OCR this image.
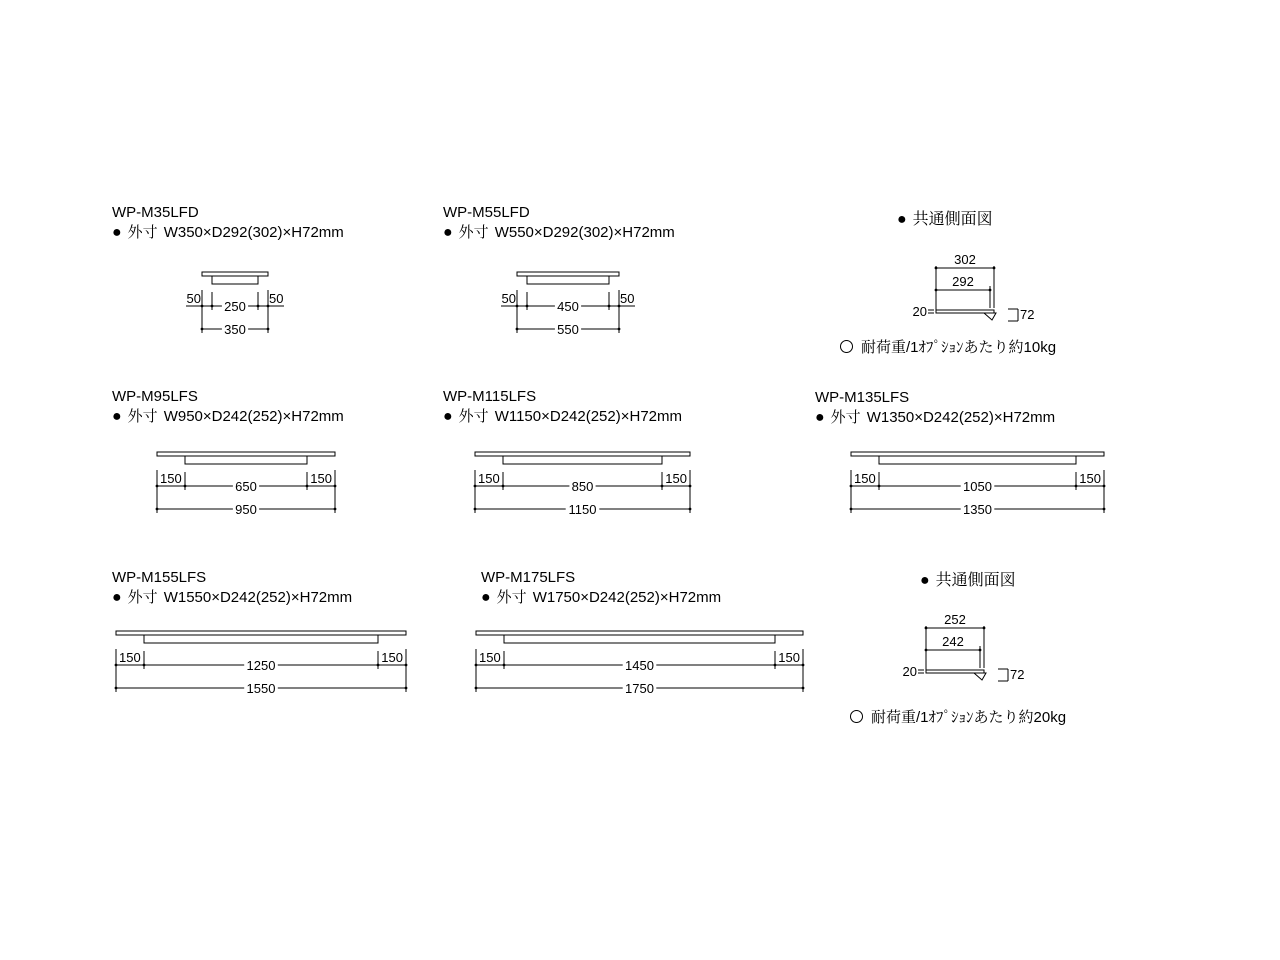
WP-M35LFD
● 外寸 W350×D292(302)×H72mm
50	50
250
350
WP-M55LFD
● 外寸 W550×D292(302)×H72mm
50	50
450
550
WP-M95LFS
● 外寸 W950×D242(252)×H72mm
150	150
650
950
WP-M115LFS
● 外寸 W1150×D242(252)×H72mm
150	150
850
1150
WP-M135LFS
● 外寸 W1350×D242(252)×H72mm
150	150
1050
1350
WP-M155LFS
● 外寸 W1550×D242(252)×H72mm
150	150
1250
1550
WP-M175LFS
● 外寸 W1750×D242(252)×H72mm
150	150
1450
1750
● 共通側面図
302
292
20	72
耐荷重/1ｵﾌﾟｼｮﾝあたり約10kg
● 共通側面図
252
242
20	72
耐荷重/1ｵﾌﾟｼｮﾝあたり約20kg
